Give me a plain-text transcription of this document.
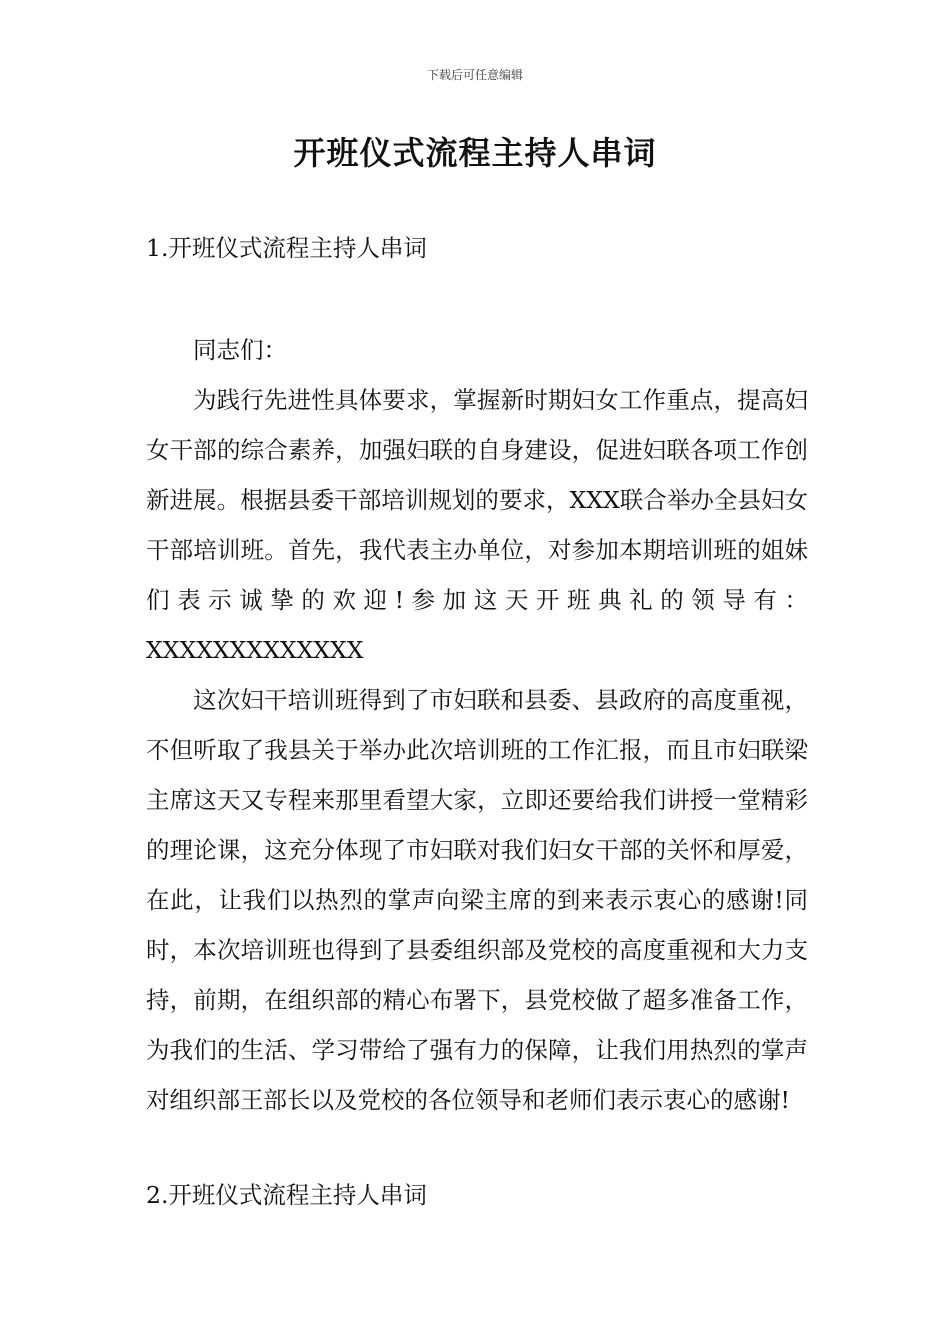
下载后可任意编辑
开班仪式流程主持人串词
1.开班仪式流程主持人串词

同志们：

为践行先进性具体要求，掌握新时期妇女工作重点，提高妇女干部的综合素养，加强妇联的自身建设，促进妇联各项工作创新进展。根据县委干部培训规划的要求，XXX联合举办全县妇女干部培训班。首先，我代表主办单位，对参加本期培训班的姐妹们表示诚挚的欢迎!参加这天开班典礼的领导有：XXXXXXXXXXXXX

这次妇干培训班得到了市妇联和县委、县政府的高度重视，不但听取了我县关于举办此次培训班的工作汇报，而且市妇联梁主席这天又专程来那里看望大家，立即还要给我们讲授一堂精彩的理论课，这充分体现了市妇联对我们妇女干部的关怀和厚爱，在此，让我们以热烈的掌声向梁主席的到来表示衷心的感谢!同时，本次培训班也得到了县委组织部及党校的高度重视和大力支持，前期，在组织部的精心布署下，县党校做了超多准备工作，为我们的生活、学习带给了强有力的保障，让我们用热烈的掌声对组织部王部长以及党校的各位领导和老师们表示衷心的感谢!

2.开班仪式流程主持人串词
